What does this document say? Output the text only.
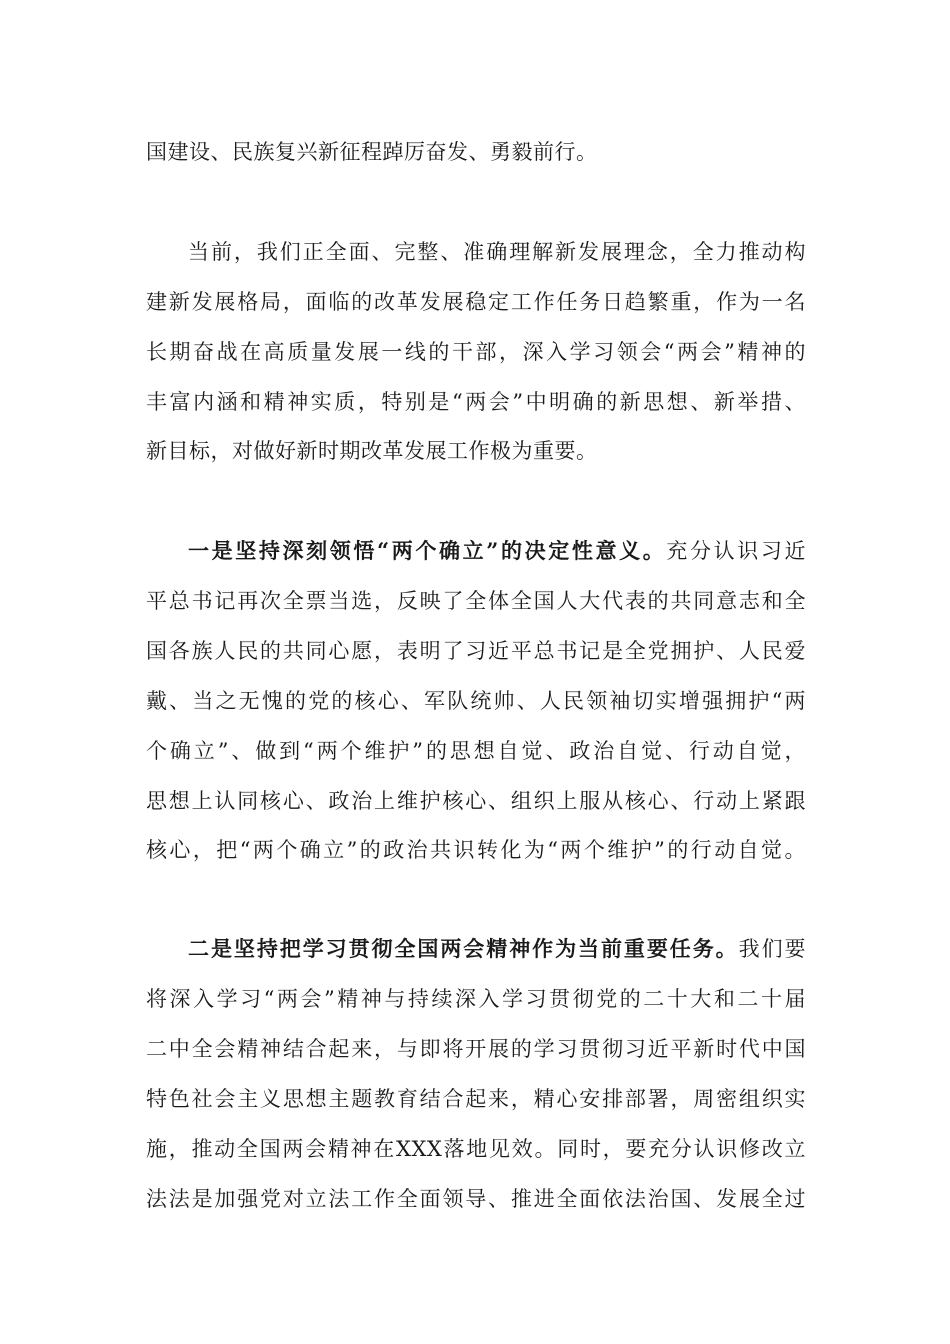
国建设、民族复兴新征程踔厉奋发、勇毅前行。
当前，我们正全面、完整、准确理解新发展理念，全力推动构
建新发展格局，面临的改革发展稳定工作任务日趋繁重，作为一名
长期奋战在高质量发展一线的干部，深入学习领会“两会”精神的
丰富内涵和精神实质，特别是“两会”中明确的新思想、新举措、
新目标，对做好新时期改革发展工作极为重要。
一是坚持深刻领悟“两个确立”的决定性意义。充分认识习近
平总书记再次全票当选，反映了全体全国人大代表的共同意志和全
国各族人民的共同心愿，表明了习近平总书记是全党拥护、人民爱
戴、当之无愧的党的核心、军队统帅、人民领袖切实增强拥护“两
个确立”、做到“两个维护”的思想自觉、政治自觉、行动自觉，
思想上认同核心、政治上维护核心、组织上服从核心、行动上紧跟
核心，把“两个确立”的政治共识转化为“两个维护”的行动自觉。
二是坚持把学习贯彻全国两会精神作为当前重要任务。我们要
将深入学习“两会”精神与持续深入学习贯彻党的二十大和二十届
二中全会精神结合起来，与即将开展的学习贯彻习近平新时代中国
特色社会主义思想主题教育结合起来，精心安排部署，周密组织实
施，推动全国两会精神在XXX落地见效。同时，要充分认识修改立
法法是加强党对立法工作全面领导、推进全面依法治国、发展全过
